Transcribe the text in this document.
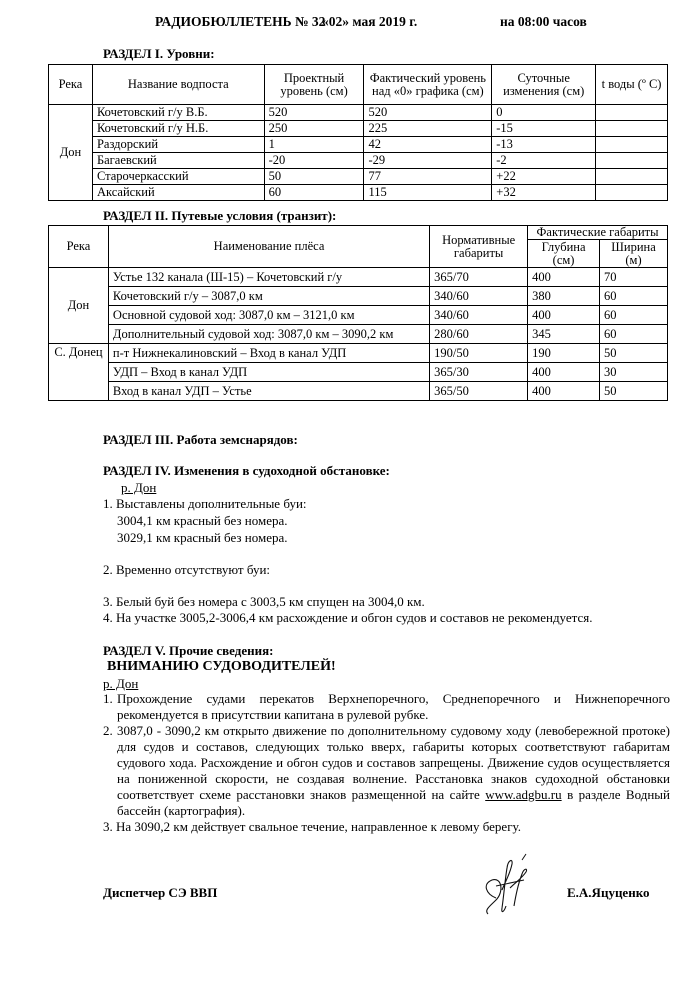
РАДИОБЮЛЛЕТЕНЬ № 32
«02» мая 2019 г.	на 08:00 часов
РАЗДЕЛ I. Уровни:
Река	Название водпоста	Проектный уровень (см)	Фактический уровень над «0» графика (см)	Суточные изменения (см)	t воды (º С)
Дон	Кочетовский г/у В.Б.	520	520	0	
	Кочетовский г/у Н.Б.	250	225	-15	
	Раздорский	1	42	-13	
	Багаевский	-20	-29	-2	
	Старочеркасский	50	77	+22	
	Аксайский	60	115	+32	
РАЗДЕЛ II. Путевые условия (транзит):
Река	Наименование плёса	Нормативные габариты	Фактические габариты	
			Глубина (см)	Ширина (м)
Дон	Устье 132 канала (Ш-15) – Кочетовский г/у	365/70	400	70
	Кочетовский г/у – 3087,0 км	340/60	380	60
	Основной судовой ход: 3087,0 км – 3121,0 км	340/60	400	60
	Дополнительный судовой ход: 3087,0 км – 3090,2 км	280/60	345	60
С. Донец	п-т Нижнекалиновский – Вход в канал УДП	190/50	190	50
	УДП – Вход в канал УДП	365/30	400	30
	Вход в канал УДП – Устье	365/50	400	50
РАЗДЕЛ III. Работа земснарядов:
РАЗДЕЛ IV. Изменения в судоходной обстановке:
р. Дон
1. Выставлены дополнительные буи:
3004,1 км красный без номера.
3029,1 км красный без номера.
2. Временно отсутствуют буи:
3. Белый буй без номера с 3003,5 км спущен на 3004,0 км.
4. На участке 3005,2-3006,4 км расхождение и обгон судов и составов не рекомендуется.
РАЗДЕЛ V. Прочие сведения:
ВНИМАНИЮ СУДОВОДИТЕЛЕЙ!
р. Дон
1. Прохождение судами перекатов Верхнепоречного, Среднепоречного и Нижнепоречного рекомендуется в присутствии капитана в рулевой рубке.
2. 3087,0 - 3090,2 км открыто движение по дополнительному судовому ходу (левобережной протоке) для судов и составов, следующих только вверх, габариты которых соответствуют габаритам судового хода. Расхождение и обгон судов и составов запрещены. Движение судов осуществляется на пониженной скорости, не создавая волнение. Расстановка знаков судоходной обстановки соответствует схеме расстановки знаков размещенной на сайте www.adgbu.ru в разделе Водный бассейн (картография).
3. На 3090,2 км действует свальное течение, направленное к левому берегу.
Диспетчер СЭ ВВП	Е.А.Яцуценко
